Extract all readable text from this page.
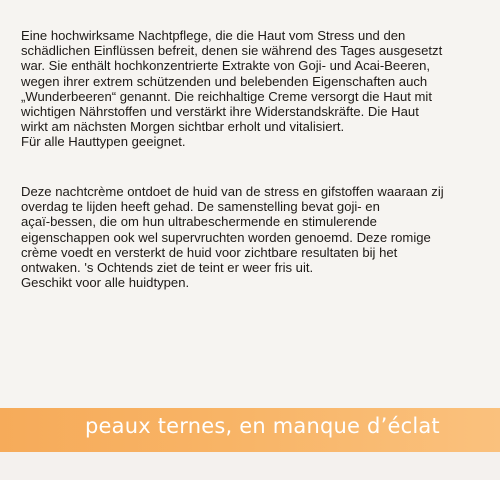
Eine hochwirksame Nachtpflege, die die Haut vom Stress und den

schädlichen Einflüssen befreit, denen sie während des Tages ausgesetzt

war. Sie enthält hochkonzentrierte Extrakte von Goji- und Acai-Beeren,

wegen ihrer extrem schützenden und belebenden Eigenschaften auch

„Wunderbeeren“ genannt. Die reichhaltige Creme versorgt die Haut mit

wichtigen Nährstoffen und verstärkt ihre Widerstandskräfte. Die Haut

wirkt am nächsten Morgen sichtbar erholt und vitalisiert.

Für alle Hauttypen geeignet.

Deze nachtcrème ontdoet de huid van de stress en gifstoffen waaraan zij

overdag te lijden heeft gehad. De samenstelling bevat goji- en

açaï-bessen, die om hun ultrabeschermende en stimulerende

eigenschappen ook wel supervruchten worden genoemd. Deze romige

crème voedt en versterkt de huid voor zichtbare resultaten bij het

ontwaken. 's Ochtends ziet de teint er weer fris uit.

Geschikt voor alle huidtypen.

peaux ternes, en manque d’éclat
